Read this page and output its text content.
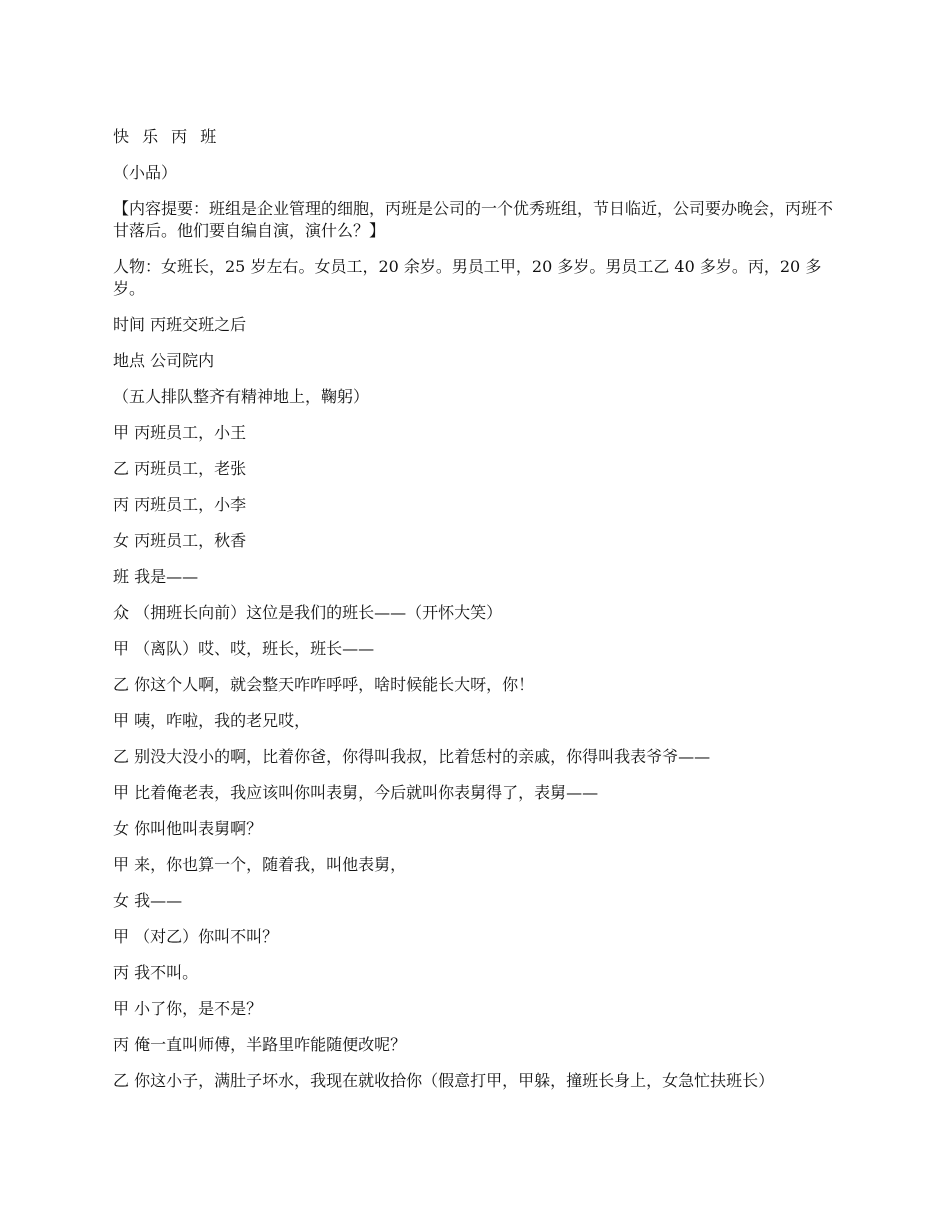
快 乐 丙 班

（小品）

【内容提要：班组是企业管理的细胞，丙班是公司的一个优秀班组，节日临近，公司要办晚会，丙班不甘落后。他们要自编自演，演什么？】

人物：女班长，25 岁左右。女员工，20 余岁。男员工甲，20 多岁。男员工乙 40 多岁。丙，20 多岁。

时间 丙班交班之后

地点 公司院内

（五人排队整齐有精神地上，鞠躬）

甲 丙班员工，小王

乙 丙班员工，老张

丙 丙班员工，小李

女 丙班员工，秋香

班 我是——

众 （拥班长向前）这位是我们的班长——（开怀大笑）

甲 （离队）哎、哎，班长，班长——

乙 你这个人啊，就会整天咋咋呼呼，啥时候能长大呀，你！

甲 咦，咋啦，我的老兄哎，

乙 别没大没小的啊，比着你爸，你得叫我叔，比着恁村的亲戚，你得叫我表爷爷——

甲 比着俺老表，我应该叫你叫表舅，今后就叫你表舅得了，表舅——

女 你叫他叫表舅啊？

甲 来，你也算一个，随着我，叫他表舅，

女 我——

甲 （对乙）你叫不叫？

丙 我不叫。

甲 小了你，是不是？

丙 俺一直叫师傅，半路里咋能随便改呢？

乙 你这小子，满肚子坏水，我现在就收拾你（假意打甲，甲躲，撞班长身上，女急忙扶班长）
